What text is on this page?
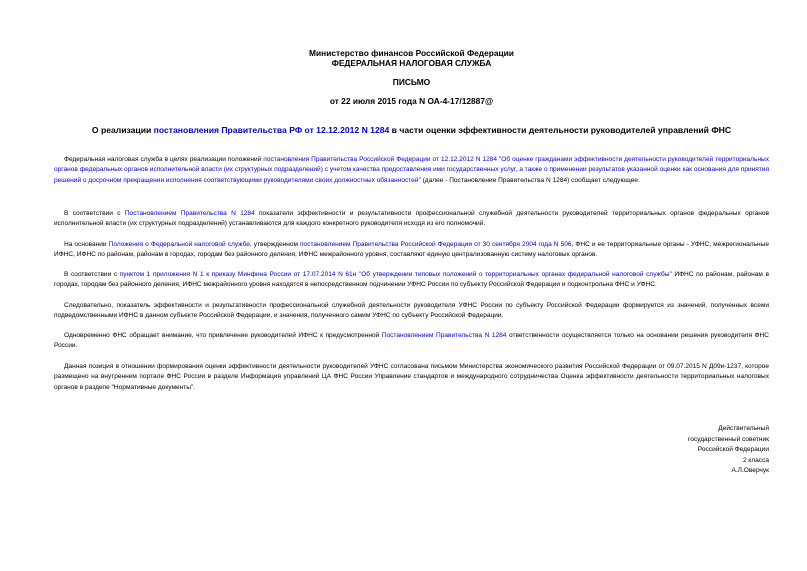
Министерство финансов Российской Федерации
ФЕДЕРАЛЬНАЯ НАЛОГОВАЯ СЛУЖБА
ПИСЬМО
от 22 июля 2015 года N ОА-4-17/12887@
О реализации постановления Правительства РФ от 12.12.2012 N 1284 в части оценки эффективности деятельности руководителей управлений ФНС
Федеральная налоговая служба в целях реализации положений постановления Правительства Российской Федерации от 12.12.2012 N 1284 "Об оценке гражданами эффективности деятельности руководителей территориальных органов федеральных органов исполнительной власти (их структурных подразделений) с учетом качества предоставления ими государственных услуг, а также о применении результатов указанной оценки как основания для принятия решений о досрочном прекращении исполнения соответствующими руководителями своих должностных обязанностей" (далее - Постановление Правительства N 1284) сообщает следующее.
В соответствии с Постановлением Правительства N 1284 показатели эффективности и результативности профессиональной служебной деятельности руководителей территориальных органов федеральных органов исполнительной власти (их структурных подразделений) устанавливаются для каждого конкретного руководителя исходя из его полномочий.
На основании Положения о Федеральной налоговой службе, утвержденном постановлением Правительства Российской Федерации от 30 сентября 2004 года N 506, ФНС и ее территориальные органы - УФНС, межрегиональные ИФНС, ИФНС по районам, районам в городах, городам без районного деления, ИФНС межрайонного уровня, составляют единую централизованную систему налоговых органов.
В соответствии с пунктом 1 приложения N 1 к приказу Минфина России от 17.07.2014 N 61н "Об утверждении типовых положений о территориальных органах федеральной налоговой службы" ИФНС по районам, районам в городах, городам без районного деления, ИФНС межрайонного уровня находятся в непосредственном подчинении УФНС России по субъекту Российской Федерации и подконтрольна ФНС и УФНС.
Следовательно, показатель эффективности и результативности профессиональной служебной деятельности руководителя УФНС России по субъекту Российской Федерации формируется из значений, полученных всеми подведомственными ИФНС в данном субъекте Российской Федерации, и значения, полученного самим УФНС по субъекту Российской Федерации.
Одновременно ФНС обращает внимание, что привлечение руководителей ИФНС к предусмотренной Постановлением Правительства N 1284 ответственности осуществляется только на основании решения руководителя ФНС России.
Данная позиция в отношении формирования оценки эффективности деятельности руководителей УФНС согласована письмом Министерства экономического развития Российской Федерации от 09.07.2015 N Д09и-1237, которое размещено на внутреннем портале ФНС России в разделе Информация управлений ЦА ФНС России Управление стандартов и международного сотрудничества Оценка эффективности деятельности территориальных налоговых органов в разделе "Нормативные документы".
Действительный
государственный советник
Российской Федерации
2 класса
А.Л.Оверчук
